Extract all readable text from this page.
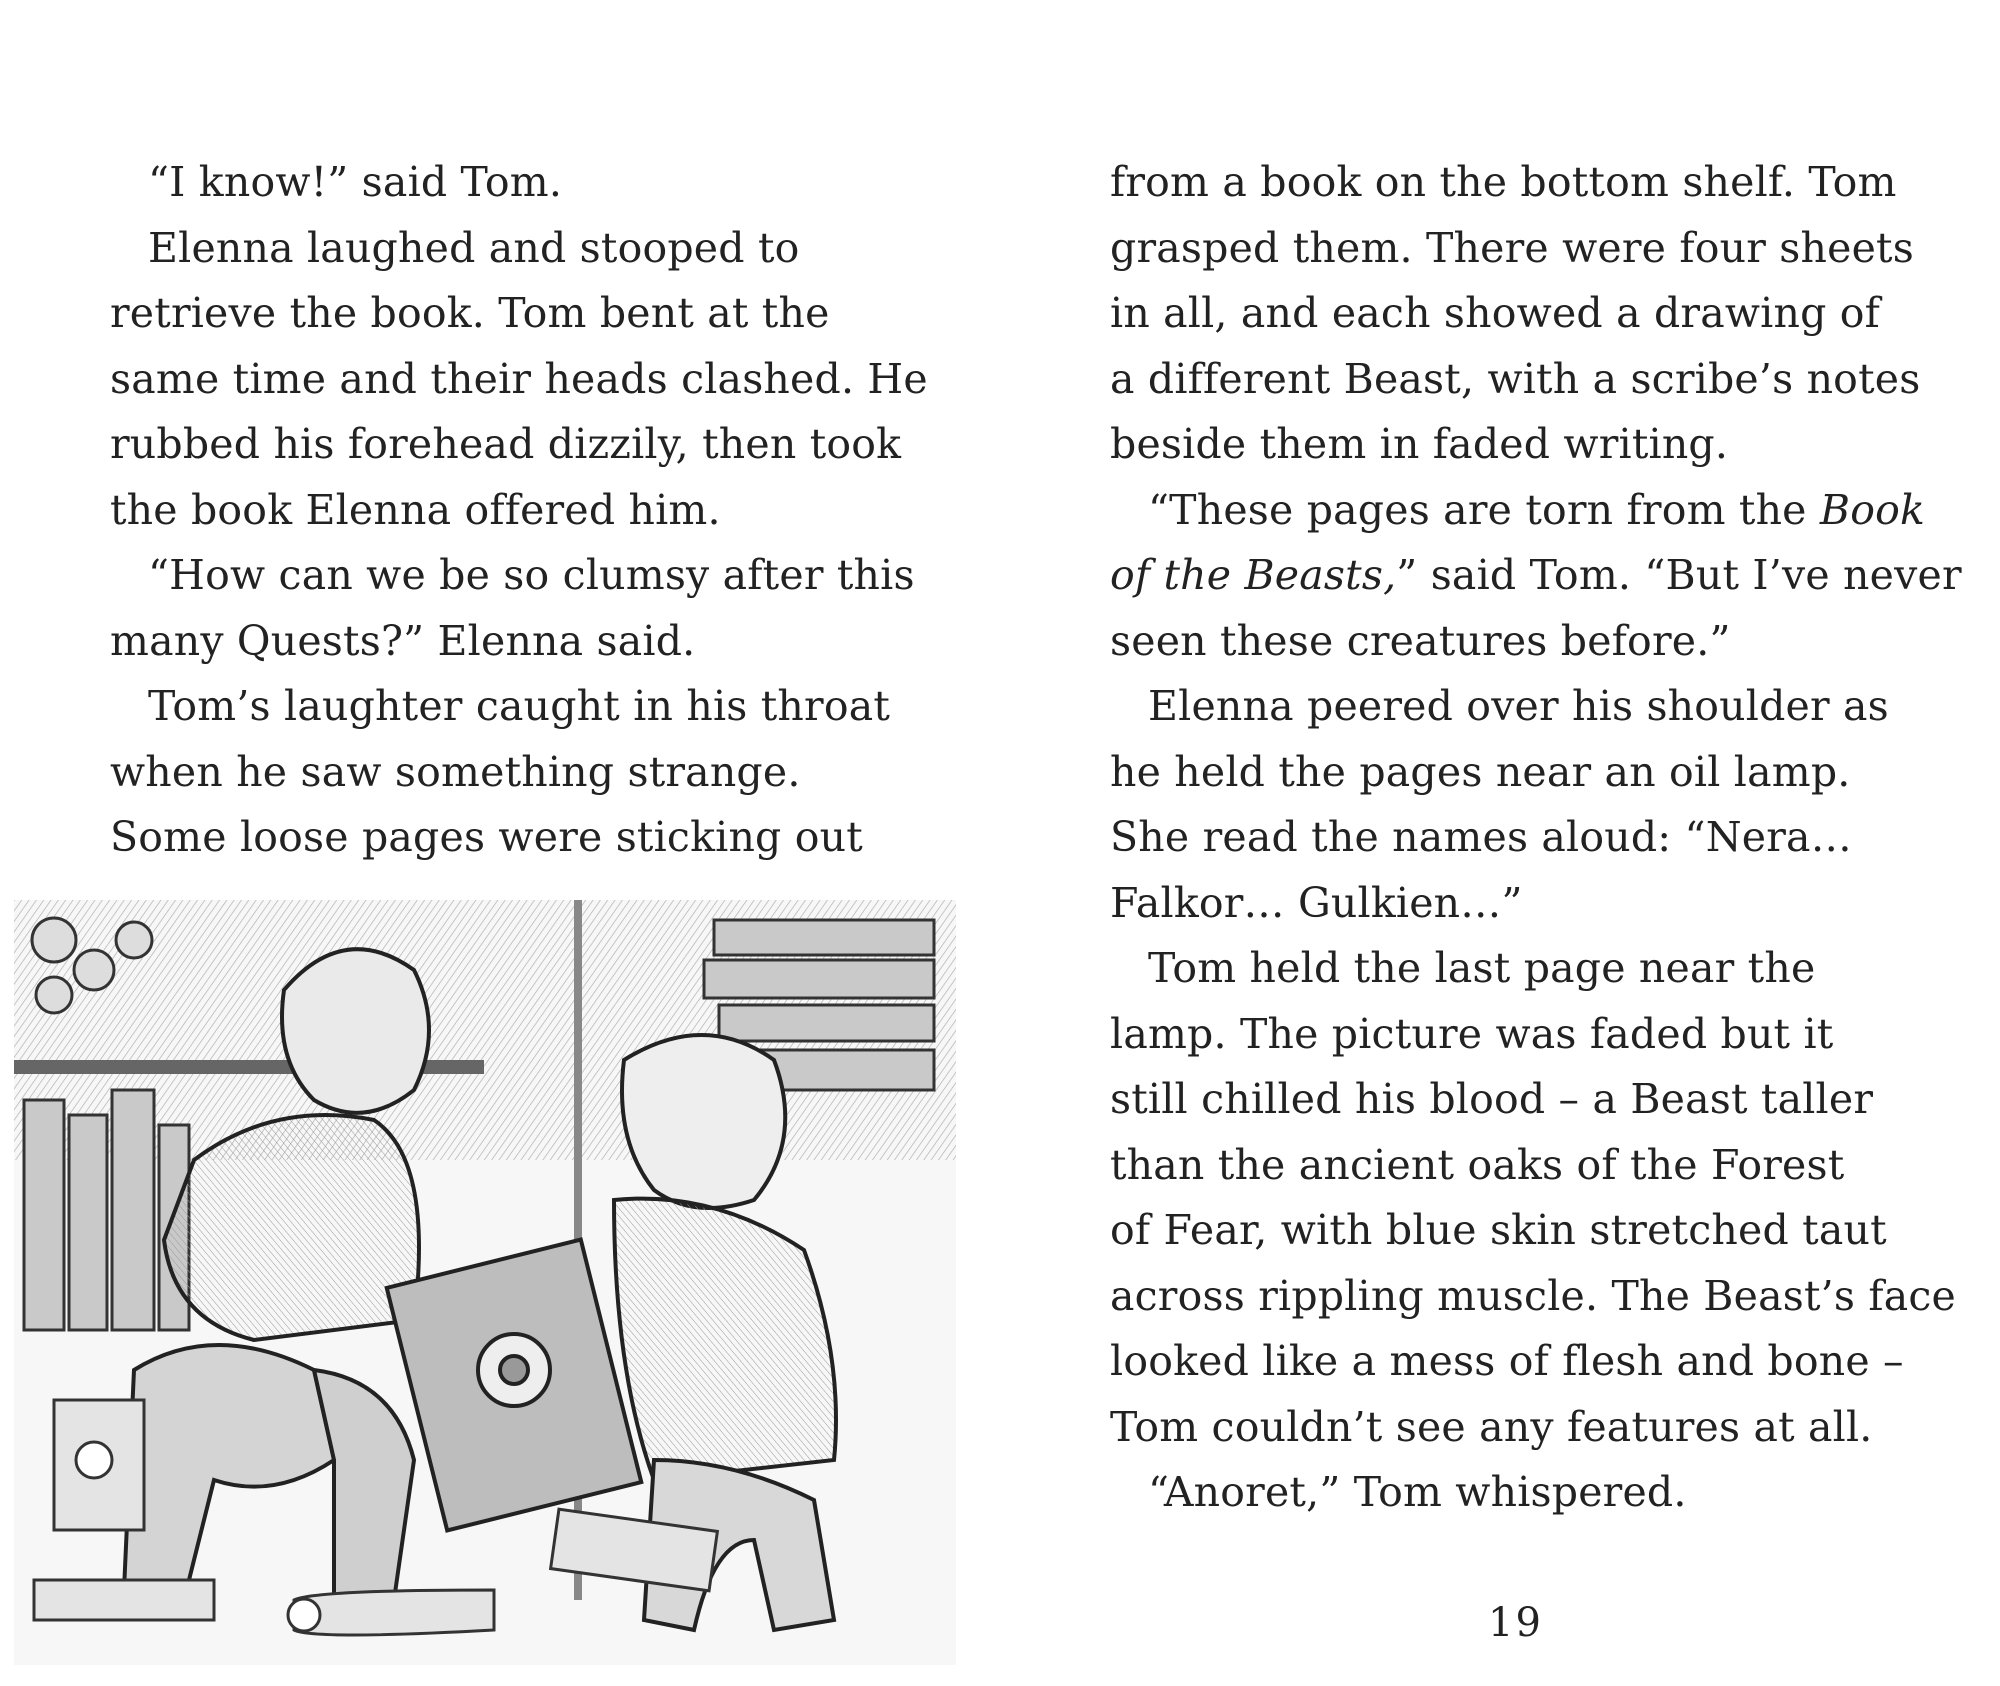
“I know!” said Tom.

Elenna laughed and stooped to
retrieve the book. Tom bent at the
same time and their heads clashed. He
rubbed his forehead dizzily, then took
the book Elenna offered him.

“How can we be so clumsy after this
many Quests?” Elenna said.

Tom’s laughter caught in his throat
when he saw something strange.
Some loose pages were sticking out

from a book on the bottom shelf. Tom
grasped them. There were four sheets
in all, and each showed a drawing of
a different Beast, with a scribe’s notes
beside them in faded writing.

“These pages are torn from the Book
of the Beasts,” said Tom. “But I’ve never
seen these creatures before.”

Elenna peered over his shoulder as
he held the pages near an oil lamp.
She read the names aloud: “Nera…
Falkor… Gulkien…”

Tom held the last page near the
lamp. The picture was faded but it
still chilled his blood – a Beast taller
than the ancient oaks of the Forest
of Fear, with blue skin stretched taut
across rippling muscle. The Beast’s face
looked like a mess of flesh and bone –
Tom couldn’t see any features at all.

“Anoret,” Tom whispered.

19
